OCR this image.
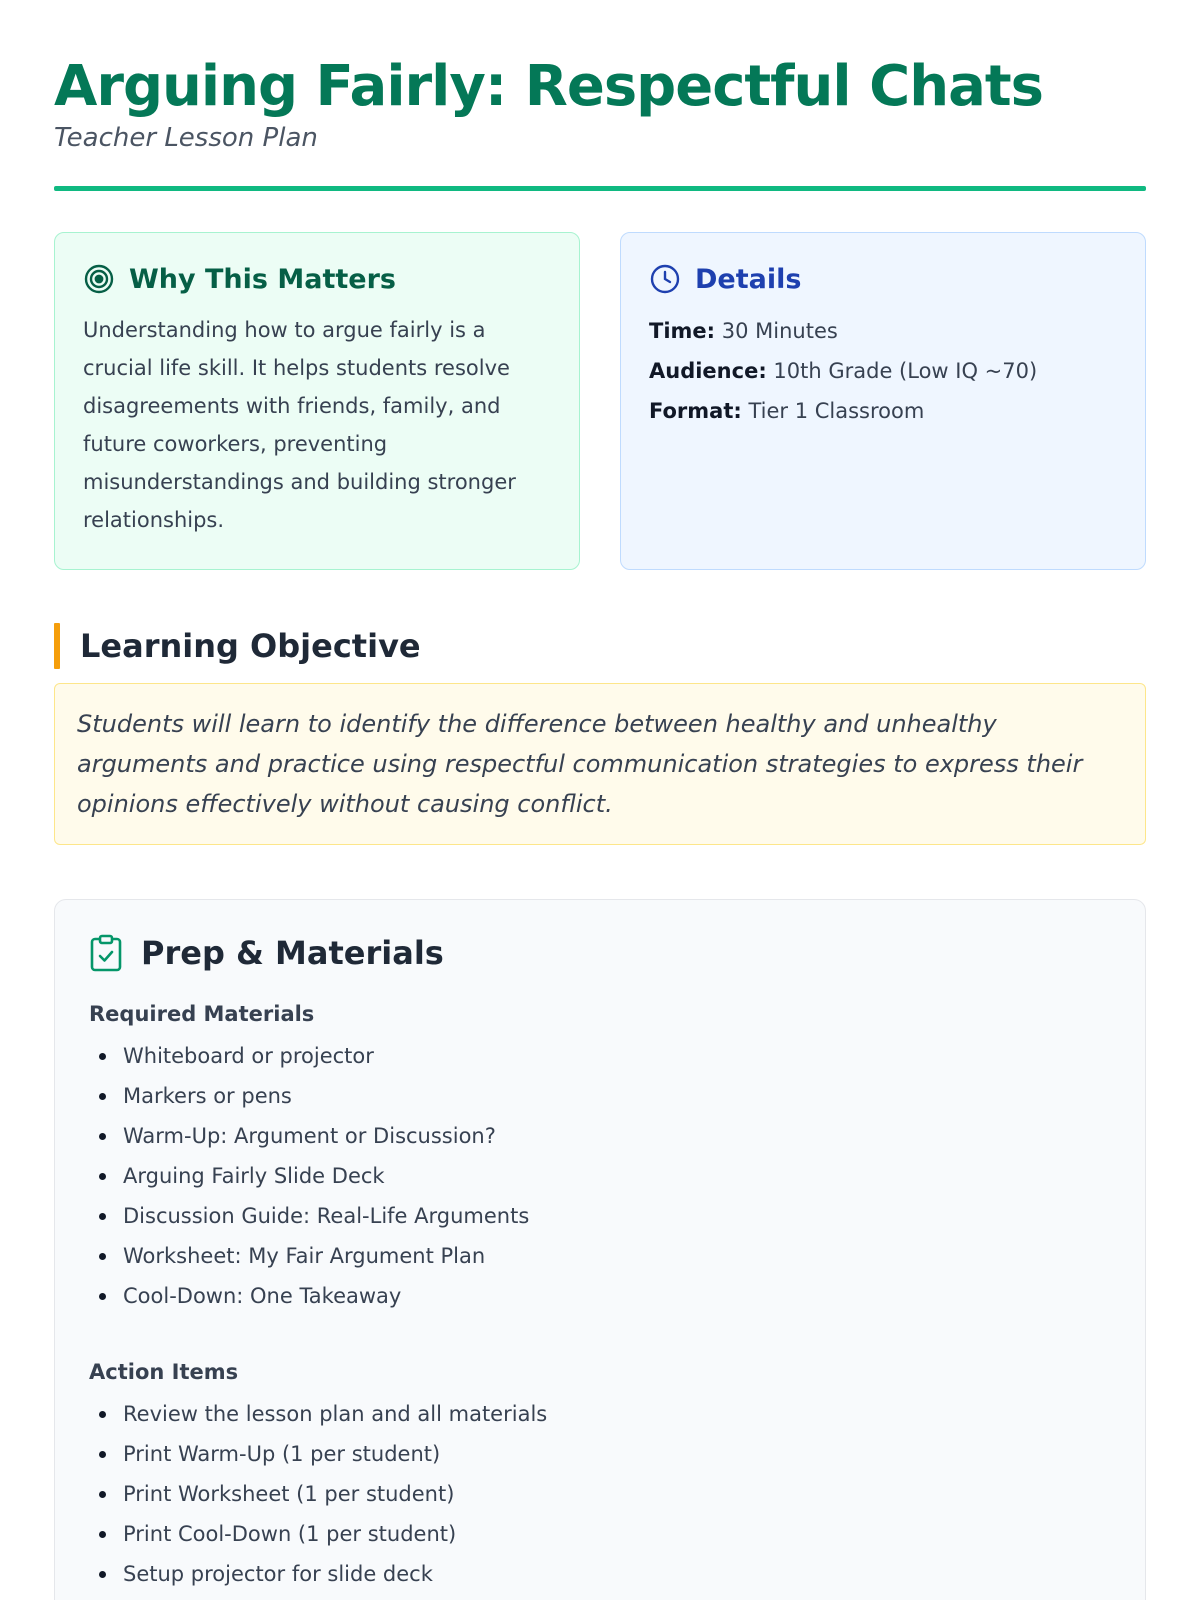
Arguing Fairly: Respectful Chats

Teacher Lesson Plan

Why This Matters
Understanding how to argue fairly is a crucial life skill. It helps students resolve disagreements with friends, family, and future coworkers, preventing misunderstandings and building stronger relationships.
Details
Time: 30 Minutes
Audience: 10th Grade (Low IQ ~70)
Format: Tier 1 Classroom
Learning Objective
Students will learn to identify the difference between healthy and unhealthy arguments and practice using respectful communication strategies to express their opinions effectively without causing conflict.
Prep & Materials
Required Materials
Whiteboard or projector
Markers or pens
Warm-Up: Argument or Discussion?
Arguing Fairly Slide Deck
Discussion Guide: Real-Life Arguments
Worksheet: My Fair Argument Plan
Cool-Down: One Takeaway
Action Items
Review the lesson plan and all materials
Print Warm-Up (1 per student)
Print Worksheet (1 per student)
Print Cool-Down (1 per student)
Setup projector for slide deck
